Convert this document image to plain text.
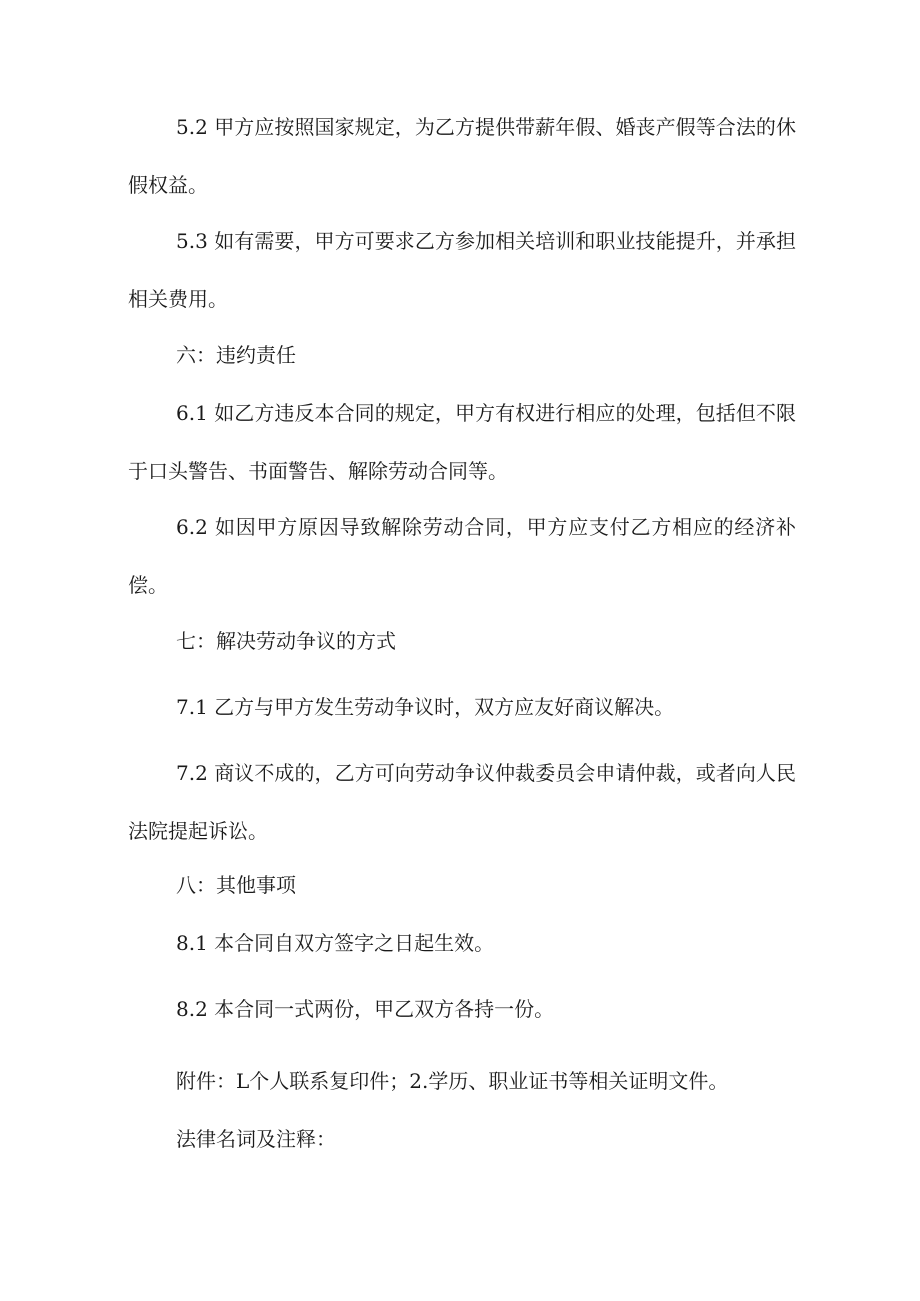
5.2 甲方应按照国家规定，为乙方提供带薪年假、婚丧产假等合法的休假权益。

5.3 如有需要，甲方可要求乙方参加相关培训和职业技能提升，并承担相关费用。

六：违约责任

6.1 如乙方违反本合同的规定，甲方有权进行相应的处理，包括但不限于口头警告、书面警告、解除劳动合同等。

6.2 如因甲方原因导致解除劳动合同，甲方应支付乙方相应的经济补偿。

七：解决劳动争议的方式

7.1 乙方与甲方发生劳动争议时，双方应友好商议解决。

7.2 商议不成的，乙方可向劳动争议仲裁委员会申请仲裁，或者向人民法院提起诉讼。

八：其他事项

8.1 本合同自双方签字之日起生效。

8.2 本合同一式两份，甲乙双方各持一份。

附件：L个人联系复印件；2.学历、职业证书等相关证明文件。

法律名词及注释：
